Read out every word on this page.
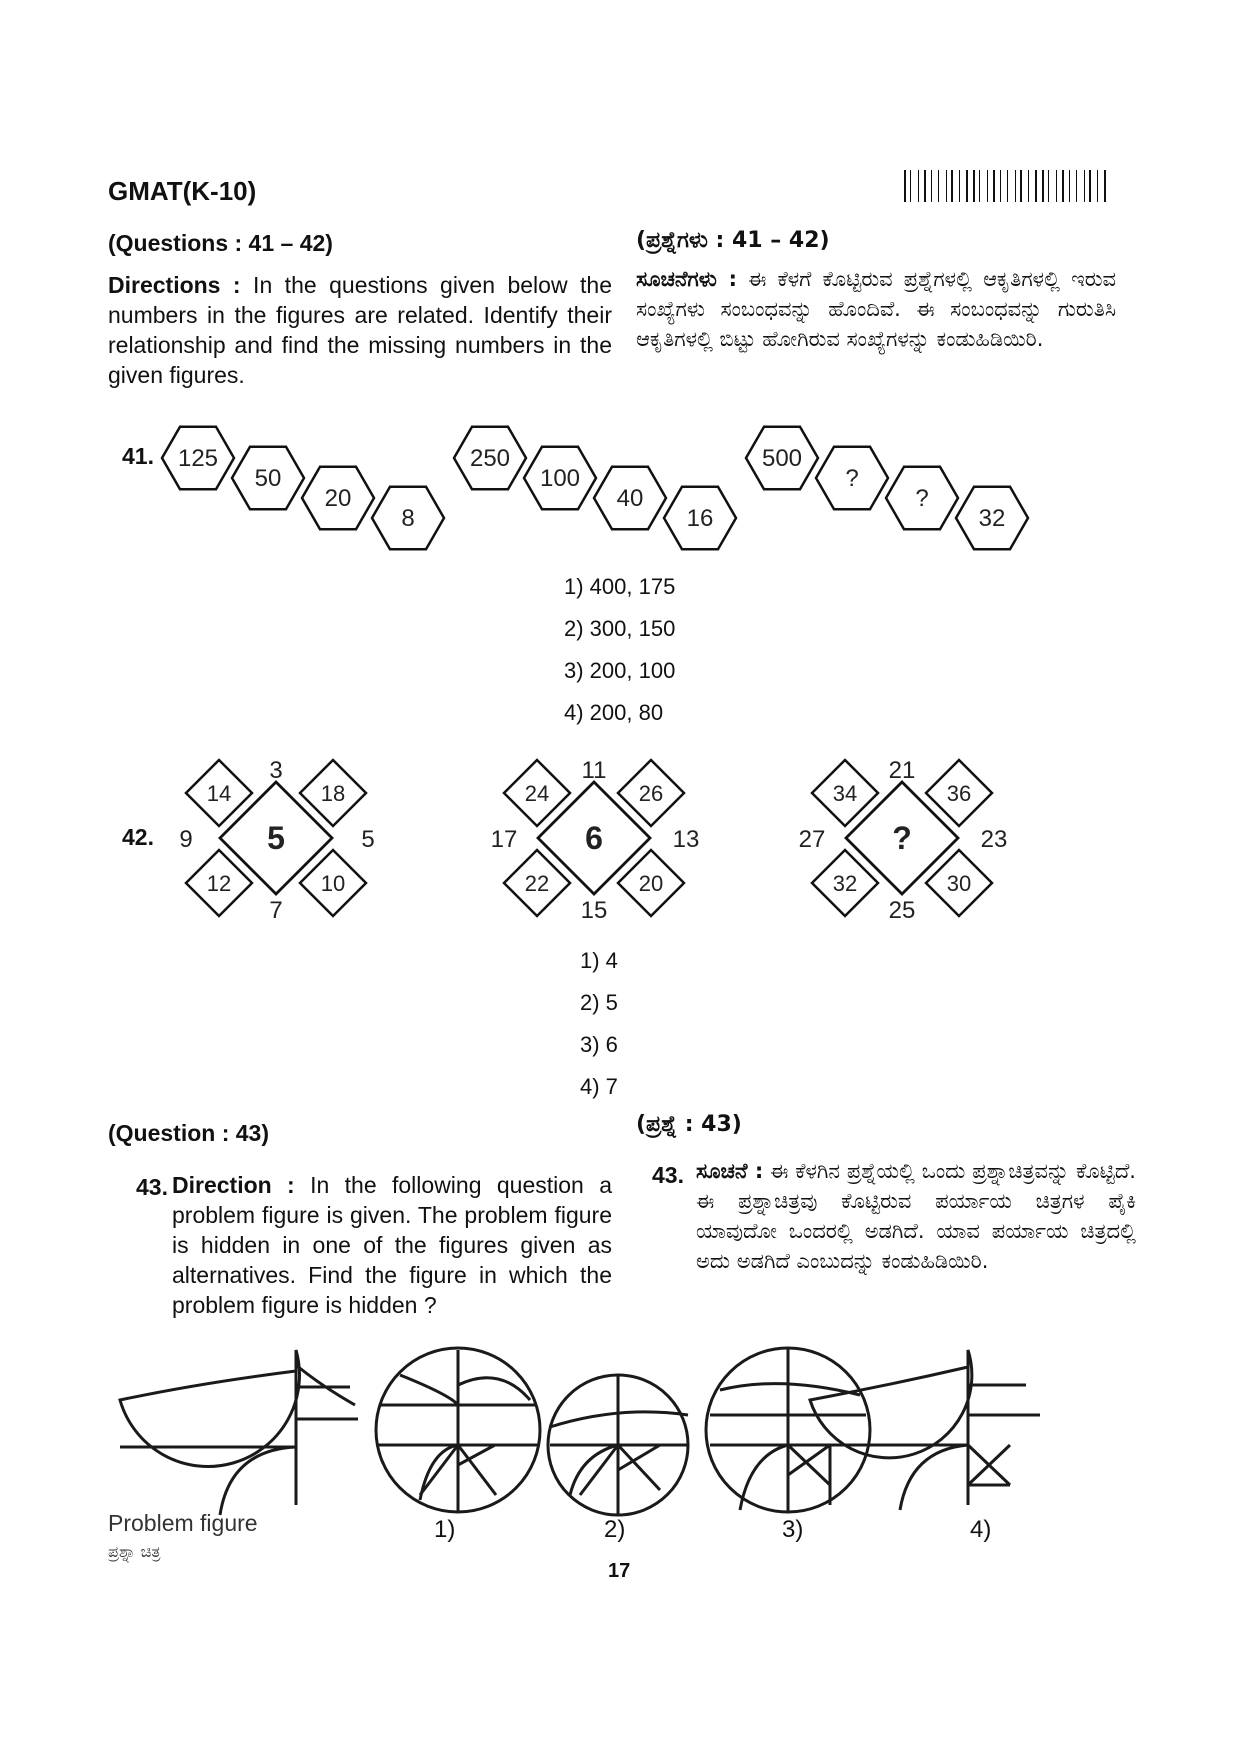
GMAT(K-10)
(Questions : 41 – 42)	(ಪ್ರಶ್ನೆಗಳು : 41 – 42)
Directions : In the questions given below the numbers in the figures are related. Identify their relationship and find the missing numbers in the given figures.
ಸೂಚನೆಗಳು : ಈ ಕೆಳಗೆ ಕೊಟ್ಟಿರುವ ಪ್ರಶ್ನೆಗಳಲ್ಲಿ ಆಕೃತಿಗಳಲ್ಲಿ ಇರುವ ಸಂಖ್ಯೆಗಳು ಸಂಬಂಧವನ್ನು ಹೊಂದಿವೆ. ಈ ಸಂಬಂಧವನ್ನು ಗುರುತಿಸಿ ಆಕೃತಿಗಳಲ್ಲಿ ಬಿಟ್ಟು ಹೋಗಿರುವ ಸಂಖ್ಯೆಗಳನ್ನು ಕಂಡುಹಿಡಿಯಿರಿ.
41. 125
50
20
8
250
100
40
16
500
?
?
32
1) 400, 175
2) 300, 150
3) 200, 100
4) 200, 80
42.	5
14	18
12	10
3
7
9	5	6
24	26
22	20
11
15
17	13	?
34	36
32	30
21
25
27	23
1) 4
2) 5
3) 6
4) 7
(Question : 43)	(ಪ್ರಶ್ನೆ : 43)
43. Direction : In the following question a problem figure is given. The problem figure is hidden in one of the figures given as alternatives. Find the figure in which the problem figure is hidden ?
43. ಸೂಚನೆ : ಈ ಕೆಳಗಿನ ಪ್ರಶ್ನೆಯಲ್ಲಿ ಒಂದು ಪ್ರಶ್ನಾಚಿತ್ರವನ್ನು ಕೊಟ್ಟಿದೆ. ಈ ಪ್ರಶ್ನಾಚಿತ್ರವು ಕೊಟ್ಟಿರುವ ಪರ್ಯಾಯ ಚಿತ್ರಗಳ ಪೈಕಿ ಯಾವುದೋ ಒಂದರಲ್ಲಿ ಅಡಗಿದೆ. ಯಾವ ಪರ್ಯಾಯ ಚಿತ್ರದಲ್ಲಿ ಅದು ಅಡಗಿದೆ ಎಂಬುದನ್ನು ಕಂಡುಹಿಡಿಯಿರಿ.
Problem figure
ಪ್ರಶ್ನಾ ಚಿತ್ರ
1)	2)	3)	4)
17
